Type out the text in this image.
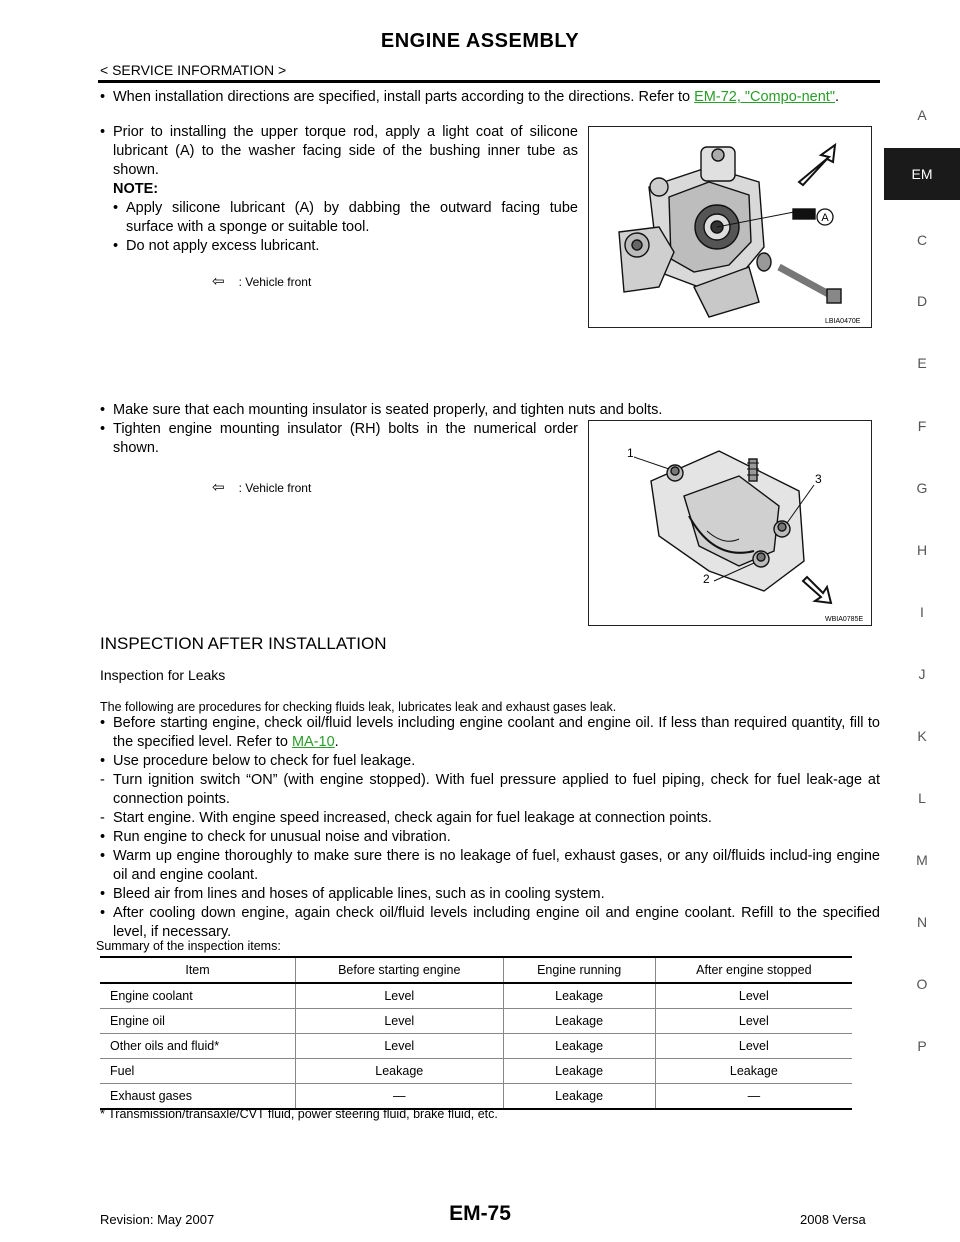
ENGINE ASSEMBLY
< SERVICE INFORMATION >
A
EM
C
D
E
F
G
H
I
J
K
L
M
N
O
P
• When installation directions are specified, install parts according to the directions. Refer to EM-72, "Compo-nent".
• Prior to installing the upper torque rod, apply a light coat of silicone lubricant (A) to the washer facing side of the bushing inner tube as shown.
NOTE:
• Apply silicone lubricant (A) by dabbing the outward facing tube surface with a sponge or suitable tool.
• Do not apply excess lubricant.
⇦ : Vehicle front
A
LBIA0470E
• Make sure that each mounting insulator is seated properly, and tighten nuts and bolts.
• Tighten engine mounting insulator (RH) bolts in the numerical order shown.
⇦ : Vehicle front
1
2
3
WBIA0785E
INSPECTION AFTER INSTALLATION
Inspection for Leaks
The following are procedures for checking fluids leak, lubricates leak and exhaust gases leak.
• Before starting engine, check oil/fluid levels including engine coolant and engine oil. If less than required quantity, fill to the specified level. Refer to MA-10.
• Use procedure below to check for fuel leakage.
- Turn ignition switch “ON” (with engine stopped). With fuel pressure applied to fuel piping, check for fuel leak-age at connection points.
- Start engine. With engine speed increased, check again for fuel leakage at connection points.
• Run engine to check for unusual noise and vibration.
• Warm up engine thoroughly to make sure there is no leakage of fuel, exhaust gases, or any oil/fluids includ-ing engine oil and engine coolant.
• Bleed air from lines and hoses of applicable lines, such as in cooling system.
• After cooling down engine, again check oil/fluid levels including engine oil and engine coolant. Refill to the specified level, if necessary.
Summary of the inspection items:
Item	Before starting engine	Engine running	After engine stopped
Engine coolant	Level	Leakage	Level
Engine oil	Level	Leakage	Level
Other oils and fluid*	Level	Leakage	Level
Fuel	Leakage	Leakage	Leakage
Exhaust gases	—	Leakage	—
* Transmission/transaxle/CVT fluid, power steering fluid, brake fluid, etc.
Revision: May 2007	EM-75	2008 Versa
